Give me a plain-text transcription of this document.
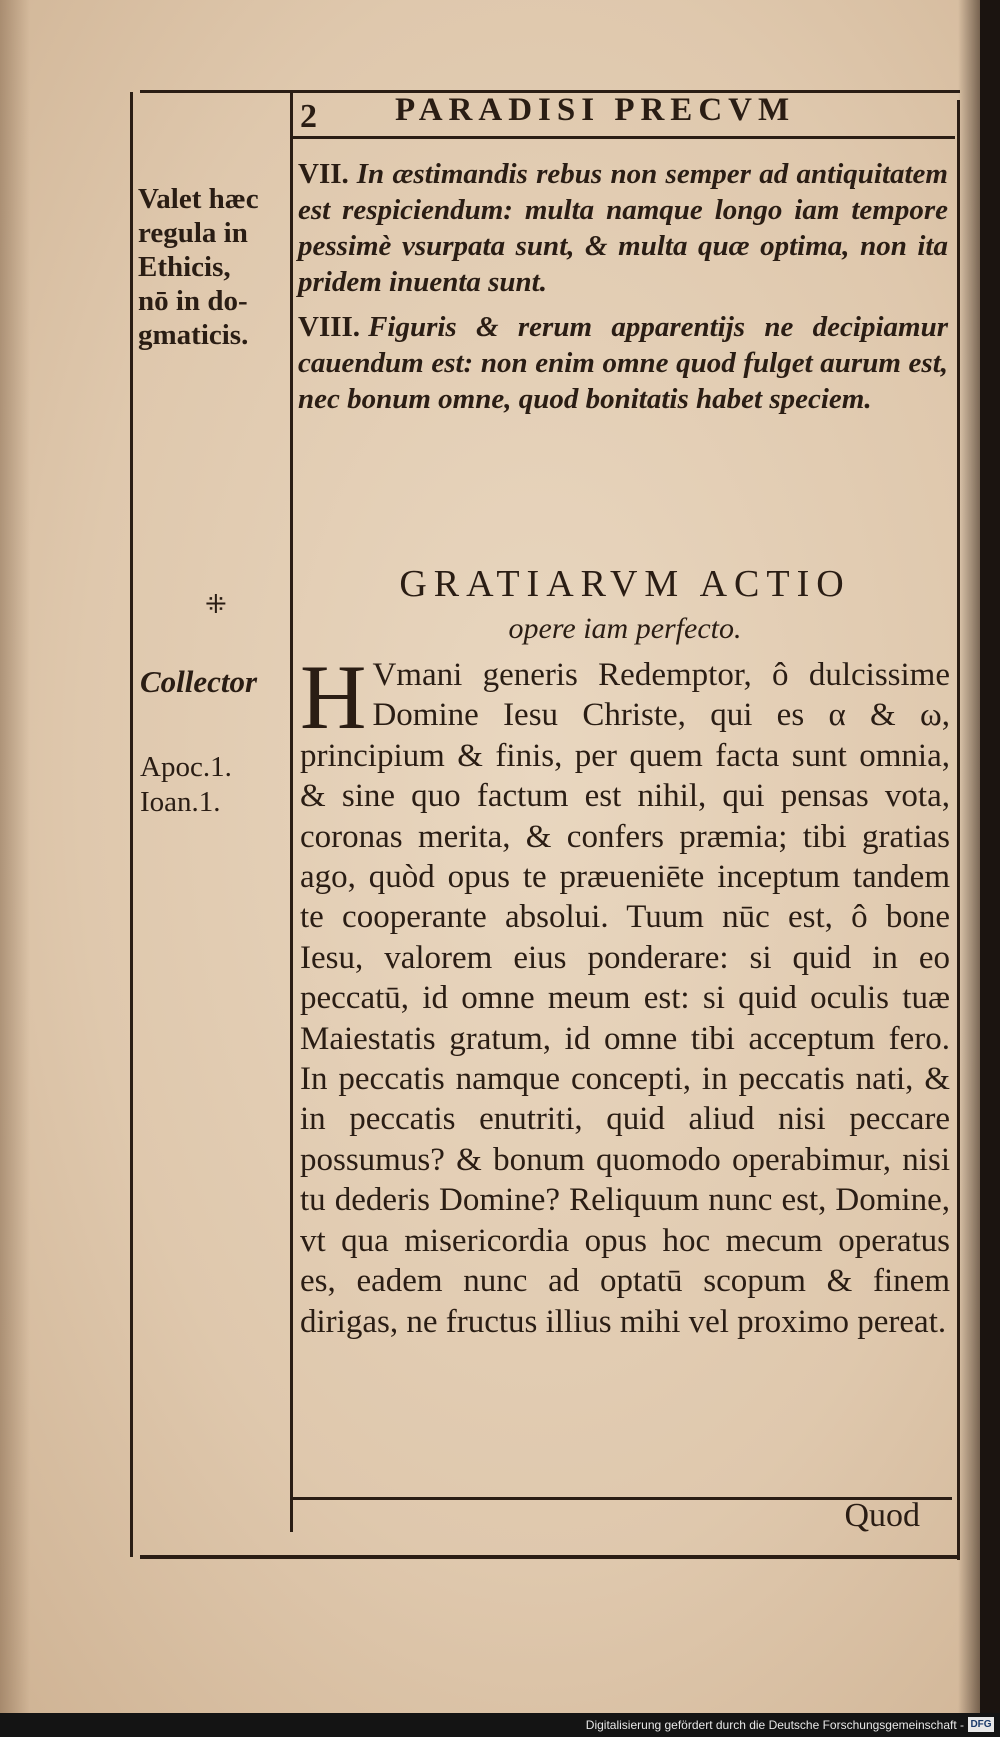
2 PARADISI PRECVM
Valet hæc
regula in
Ethicis,
nō in do-
gmaticis.
⁜
Collector
Apoc.1.
Ioan.1.

VII. In æstimandis rebus non semper ad antiquitatem est respiciendum: multa namque longo iam tempore pessimè vsurpata sunt, & multa quæ optima, non ita pridem inuenta sunt.

VIII. Figuris & rerum apparentijs ne decipiamur cauendum est: non enim omne quod fulget aurum est, nec bonum omne, quod bonitatis habet speciem.

GRATIARVM ACTIO
opere iam perfecto.
H Vmani generis Redemptor, ô dulcissime Domine Iesu Christe, qui es α & ω, principium & finis, per quem facta sunt omnia, & sine quo factum est nihil, qui pensas vota, coronas merita, & confers præmia; tibi gratias ago, quòd opus te præueniēte inceptum tandem te cooperante absolui. Tuum nūc est, ô bone Iesu, valorem eius ponderare: si quid in eo peccatū, id omne meum est: si quid oculis tuæ Maiestatis gratum, id omne tibi acceptum fero. In peccatis namque concepti, in peccatis nati, & in peccatis enutriti, quid aliud nisi peccare possumus? & bonum quomodo operabimur, nisi tu dederis Domine? Reliquum nunc est, Domine, vt qua misericordia opus hoc mecum operatus es, eadem nunc ad optatū scopum & finem dirigas, ne fructus illius mihi vel proximo pereat.
Quod
Digitalisierung gefördert durch die Deutsche Forschungsgemeinschaft - DFG
